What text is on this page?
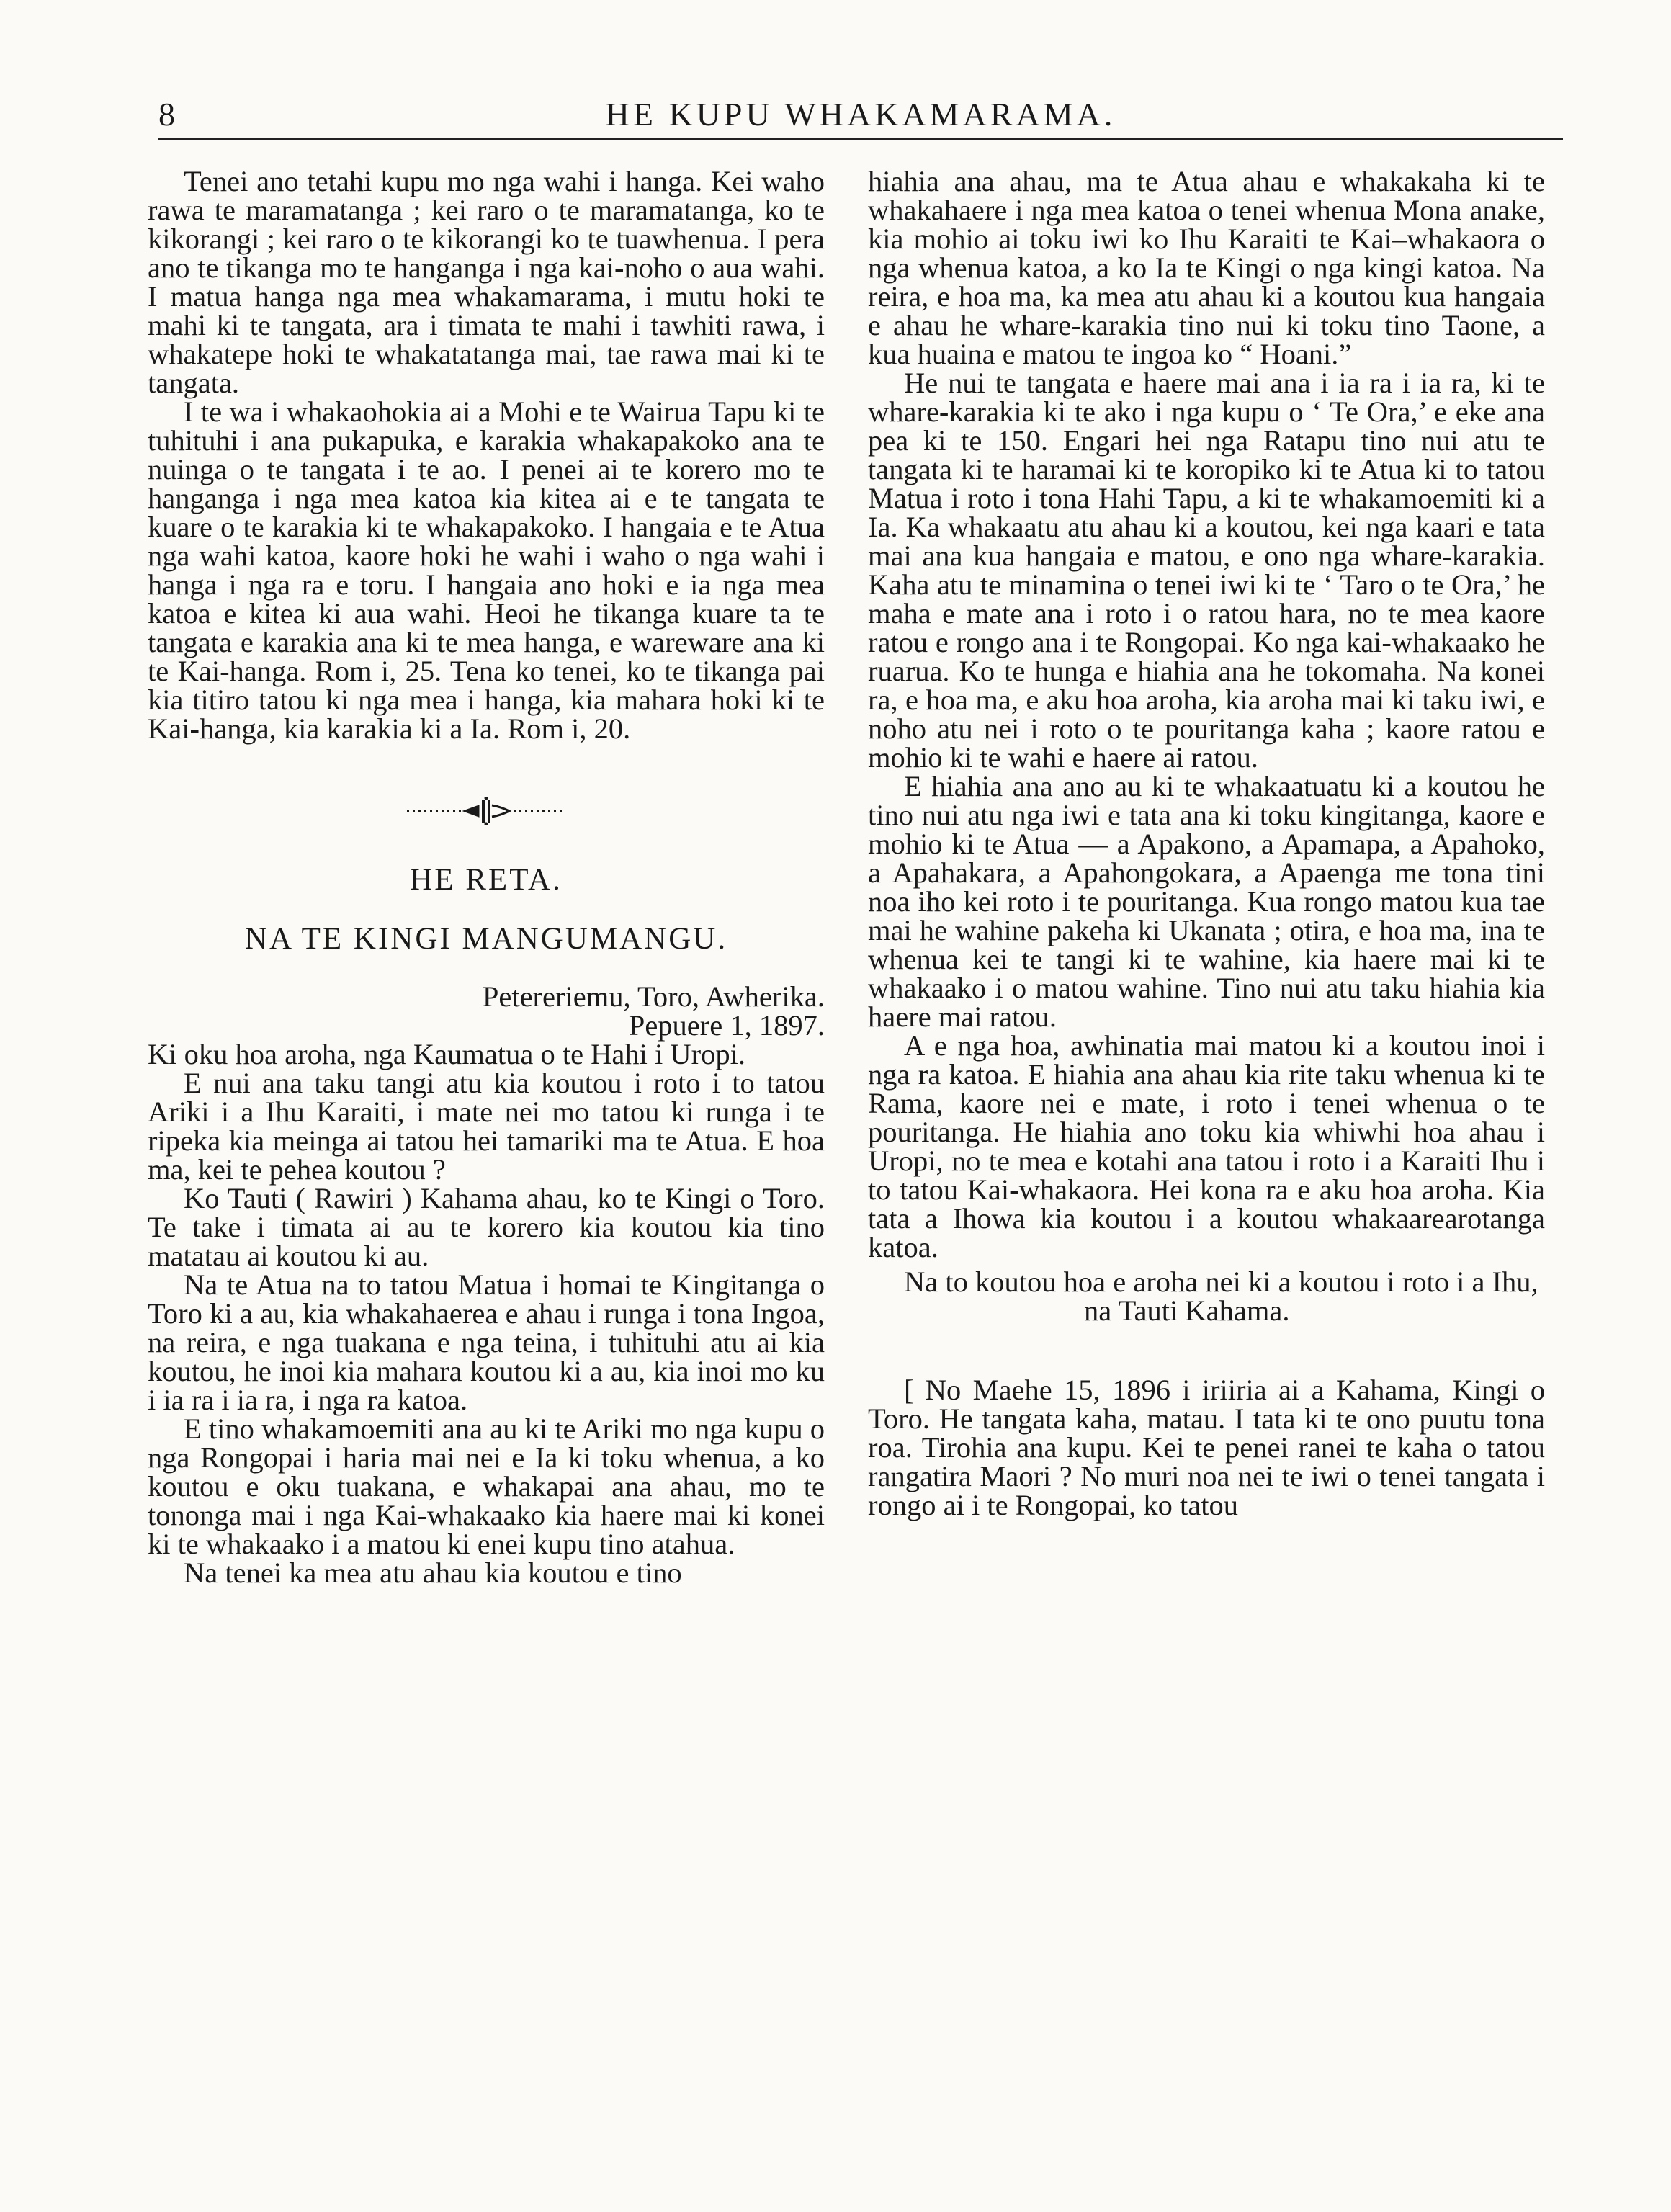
8	HE KUPU WHAKAMARAMA.

Tenei ano tetahi kupu mo nga wahi i hanga. Kei waho rawa te maramatanga ; kei raro o te maramatanga, ko te kikorangi ; kei raro o te kikorangi ko te tuawhenua. I pera ano te tikanga mo te hanganga i nga kai-noho o aua wahi. I matua hanga nga mea whakamarama, i mutu hoki te mahi ki te tangata, ara i timata te mahi i tawhiti rawa, i whakatepe hoki te whakatatanga mai, tae rawa mai ki te tangata.

I te wa i whakaohokia ai a Mohi e te Wairua Tapu ki te tuhituhi i ana pukapuka, e karakia whakapakoko ana te nuinga o te tangata i te ao. I penei ai te korero mo te hanganga i nga mea katoa kia kitea ai e te tangata te kuare o te karakia ki te whakapakoko. I hangaia e te Atua nga wahi katoa, kaore hoki he wahi i waho o nga wahi i hanga i nga ra e toru. I hangaia ano hoki e ia nga mea katoa e kitea ki aua wahi. Heoi he tikanga kuare ta te tangata e karakia ana ki te mea hanga, e wareware ana ki te Kai-hanga. Rom i, 25. Tena ko tenei, ko te tikanga pai kia titiro tatou ki nga mea i hanga, kia mahara hoki ki te Kai-hanga, kia karakia ki a Ia. Rom i, 20.

HE RETA.
NA TE KINGI MANGUMANGU.
Petereriemu, Toro, Awherika.
Pepuere 1, 1897.

Ki oku hoa aroha, nga Kaumatua o te Hahi i Uropi.

E nui ana taku tangi atu kia koutou i roto i to tatou Ariki i a Ihu Karaiti, i mate nei mo tatou ki runga i te ripeka kia meinga ai tatou hei tamariki ma te Atua. E hoa ma, kei te pehea koutou ?

Ko Tauti ( Rawiri ) Kahama ahau, ko te Kingi o Toro. Te take i timata ai au te korero kia koutou kia tino matatau ai koutou ki au.

Na te Atua na to tatou Matua i homai te Kingitanga o Toro ki a au, kia whakahaerea e ahau i runga i tona Ingoa, na reira, e nga tuakana e nga teina, i tuhituhi atu ai kia koutou, he inoi kia mahara koutou ki a au, kia inoi mo ku i ia ra i ia ra, i nga ra katoa.

E tino whakamoemiti ana au ki te Ariki mo nga kupu o nga Rongopai i haria mai nei e Ia ki toku whenua, a ko koutou e oku tuakana, e whakapai ana ahau, mo te tononga mai i nga Kai-whakaako kia haere mai ki konei ki te whakaako i a matou ki enei kupu tino atahua.

Na tenei ka mea atu ahau kia koutou e tino

hiahia ana ahau, ma te Atua ahau e whakakaha ki te whakahaere i nga mea katoa o tenei whenua Mona anake, kia mohio ai toku iwi ko Ihu Karaiti te Kai–whakaora o nga whenua katoa, a ko Ia te Kingi o nga kingi katoa. Na reira, e hoa ma, ka mea atu ahau ki a koutou kua hangaia e ahau he whare-karakia tino nui ki toku tino Taone, a kua huaina e matou te ingoa ko “ Hoani.”

He nui te tangata e haere mai ana i ia ra i ia ra, ki te whare-karakia ki te ako i nga kupu o ‘ Te Ora,’ e eke ana pea ki te 150. Engari hei nga Ratapu tino nui atu te tangata ki te haramai ki te koropiko ki te Atua ki to tatou Matua i roto i tona Hahi Tapu, a ki te whakamoemiti ki a Ia. Ka whakaatu atu ahau ki a koutou, kei nga kaari e tata mai ana kua hangaia e matou, e ono nga whare-karakia. Kaha atu te minamina o tenei iwi ki te ‘ Taro o te Ora,’ he maha e mate ana i roto i o ratou hara, no te mea kaore ratou e rongo ana i te Rongopai. Ko nga kai-whakaako he ruarua. Ko te hunga e hiahia ana he tokomaha. Na konei ra, e hoa ma, e aku hoa aroha, kia aroha mai ki taku iwi, e noho atu nei i roto o te pouritanga kaha ; kaore ratou e mohio ki te wahi e haere ai ratou.

E hiahia ana ano au ki te whakaatuatu ki a koutou he tino nui atu nga iwi e tata ana ki toku kingitanga, kaore e mohio ki te Atua — a Apakono, a Apamapa, a Apahoko, a Apahakara, a Apahongokara, a Apaenga me tona tini noa iho kei roto i te pouritanga. Kua rongo matou kua tae mai he wahine pakeha ki Ukanata ; otira, e hoa ma, ina te whenua kei te tangi ki te wahine, kia haere mai ki te whakaako i o matou wahine. Tino nui atu taku hiahia kia haere mai ratou.

A e nga hoa, awhinatia mai matou ki a koutou inoi i nga ra katoa. E hiahia ana ahau kia rite taku whenua ki te Rama, kaore nei e mate, i roto i tenei whenua o te pouritanga. He hiahia ano toku kia whiwhi hoa ahau i Uropi, no te mea e kotahi ana tatou i roto i a Karaiti Ihu i to tatou Kai-whakaora. Hei kona ra e aku hoa aroha. Kia tata a Ihowa kia koutou i a koutou whakaarearotanga katoa.

Na to koutou hoa e aroha nei ki a koutou i roto i a Ihu,

na Tauti Kahama.

[ No Maehe 15, 1896 i iriiria ai a Kahama, Kingi o Toro. He tangata kaha, matau. I tata ki te ono puutu tona roa. Tirohia ana kupu. Kei te penei ranei te kaha o tatou rangatira Maori ? No muri noa nei te iwi o tenei tangata i rongo ai i te Rongopai, ko tatou
